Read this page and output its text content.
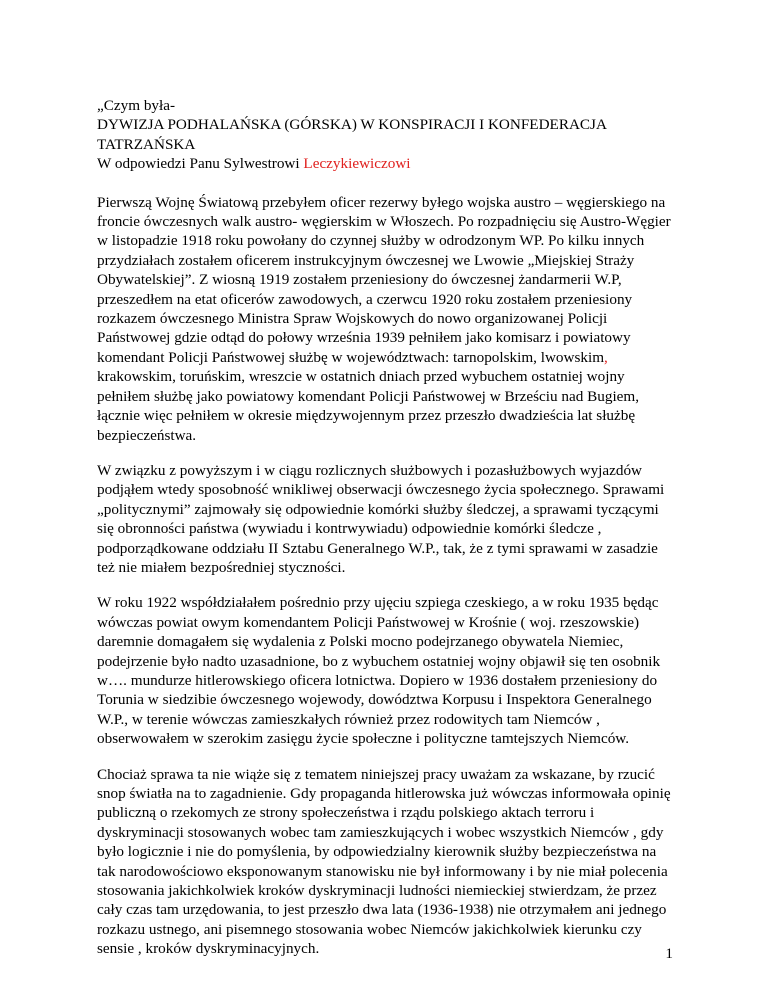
„Czym była-
DYWIZJA PODHALAŃSKA (GÓRSKA) W KONSPIRACJI I KONFEDERACJA
TATRZAŃSKA
W odpowiedzi Panu Sylwestrowi Leczykiewiczowi

Pierwszą Wojnę Światową przebyłem oficer rezerwy byłego wojska austro – węgierskiego na froncie ówczesnych walk austro- węgierskim w Włoszech. Po rozpadnięciu się Austro-Węgier w listopadzie 1918 roku powołany do czynnej służby w odrodzonym WP. Po kilku innych przydziałach zostałem oficerem instrukcyjnym ówczesnej we Lwowie „Miejskiej Straży Obywatelskiej”. Z wiosną 1919 zostałem przeniesiony do ówczesnej żandarmerii W.P, przeszedłem na etat oficerów zawodowych, a czerwcu 1920 roku zostałem przeniesiony rozkazem ówczesnego Ministra Spraw Wojskowych do nowo organizowanej Policji Państwowej gdzie odtąd do połowy września 1939 pełniłem jako komisarz i powiatowy komendant Policji Państwowej służbę w województwach: tarnopolskim, lwowskim, krakowskim, toruńskim, wreszcie w ostatnich dniach przed wybuchem ostatniej wojny pełniłem służbę jako powiatowy komendant Policji Państwowej w Brześciu nad Bugiem, łącznie więc pełniłem w okresie międzywojennym przez przeszło dwadzieścia lat służbę bezpieczeństwa.

W związku z powyższym i w ciągu rozlicznych służbowych i pozasłużbowych wyjazdów podjąłem wtedy sposobność wnikliwej obserwacji ówczesnego życia społecznego. Sprawami „politycznymi” zajmowały się odpowiednie komórki służby śledczej, a sprawami tyczącymi się obronności państwa (wywiadu i kontrwywiadu) odpowiednie komórki śledcze , podporządkowane oddziału II Sztabu Generalnego W.P., tak, że z tymi sprawami w zasadzie też nie miałem bezpośredniej styczności.

W roku 1922 współdziałałem pośrednio przy ujęciu szpiega czeskiego, a w roku 1935 będąc wówczas powiat owym komendantem Policji Państwowej w Krośnie ( woj. rzeszowskie) daremnie domagałem się wydalenia z Polski mocno podejrzanego obywatela Niemiec, podejrzenie było nadto uzasadnione, bo z wybuchem ostatniej wojny objawił się ten osobnik w…. mundurze hitlerowskiego oficera lotnictwa. Dopiero w 1936 dostałem przeniesiony do Torunia w siedzibie ówczesnego wojewody, dowództwa Korpusu i Inspektora Generalnego W.P., w terenie wówczas zamieszkałych również przez rodowitych tam Niemców , obserwowałem w szerokim zasięgu życie społeczne i polityczne tamtejszych Niemców.

Chociaż sprawa ta nie wiąże się z tematem niniejszej pracy uważam za wskazane, by rzucić snop światła na to zagadnienie. Gdy propaganda hitlerowska już wówczas informowała opinię publiczną o rzekomych ze strony społeczeństwa i rządu polskiego aktach terroru i dyskryminacji stosowanych wobec tam zamieszkujących i wobec wszystkich Niemców , gdy było logicznie i nie do pomyślenia, by odpowiedzialny kierownik służby bezpieczeństwa na tak narodowościowo eksponowanym stanowisku nie był informowany i by nie miał polecenia stosowania jakichkolwiek kroków dyskryminacji ludności niemieckiej stwierdzam, że przez cały czas tam urzędowania, to jest przeszło dwa lata (1936-1938) nie otrzymałem ani jednego rozkazu ustnego, ani pisemnego stosowania wobec Niemców jakichkolwiek kierunku czy sensie , kroków dyskryminacyjnych.	1
